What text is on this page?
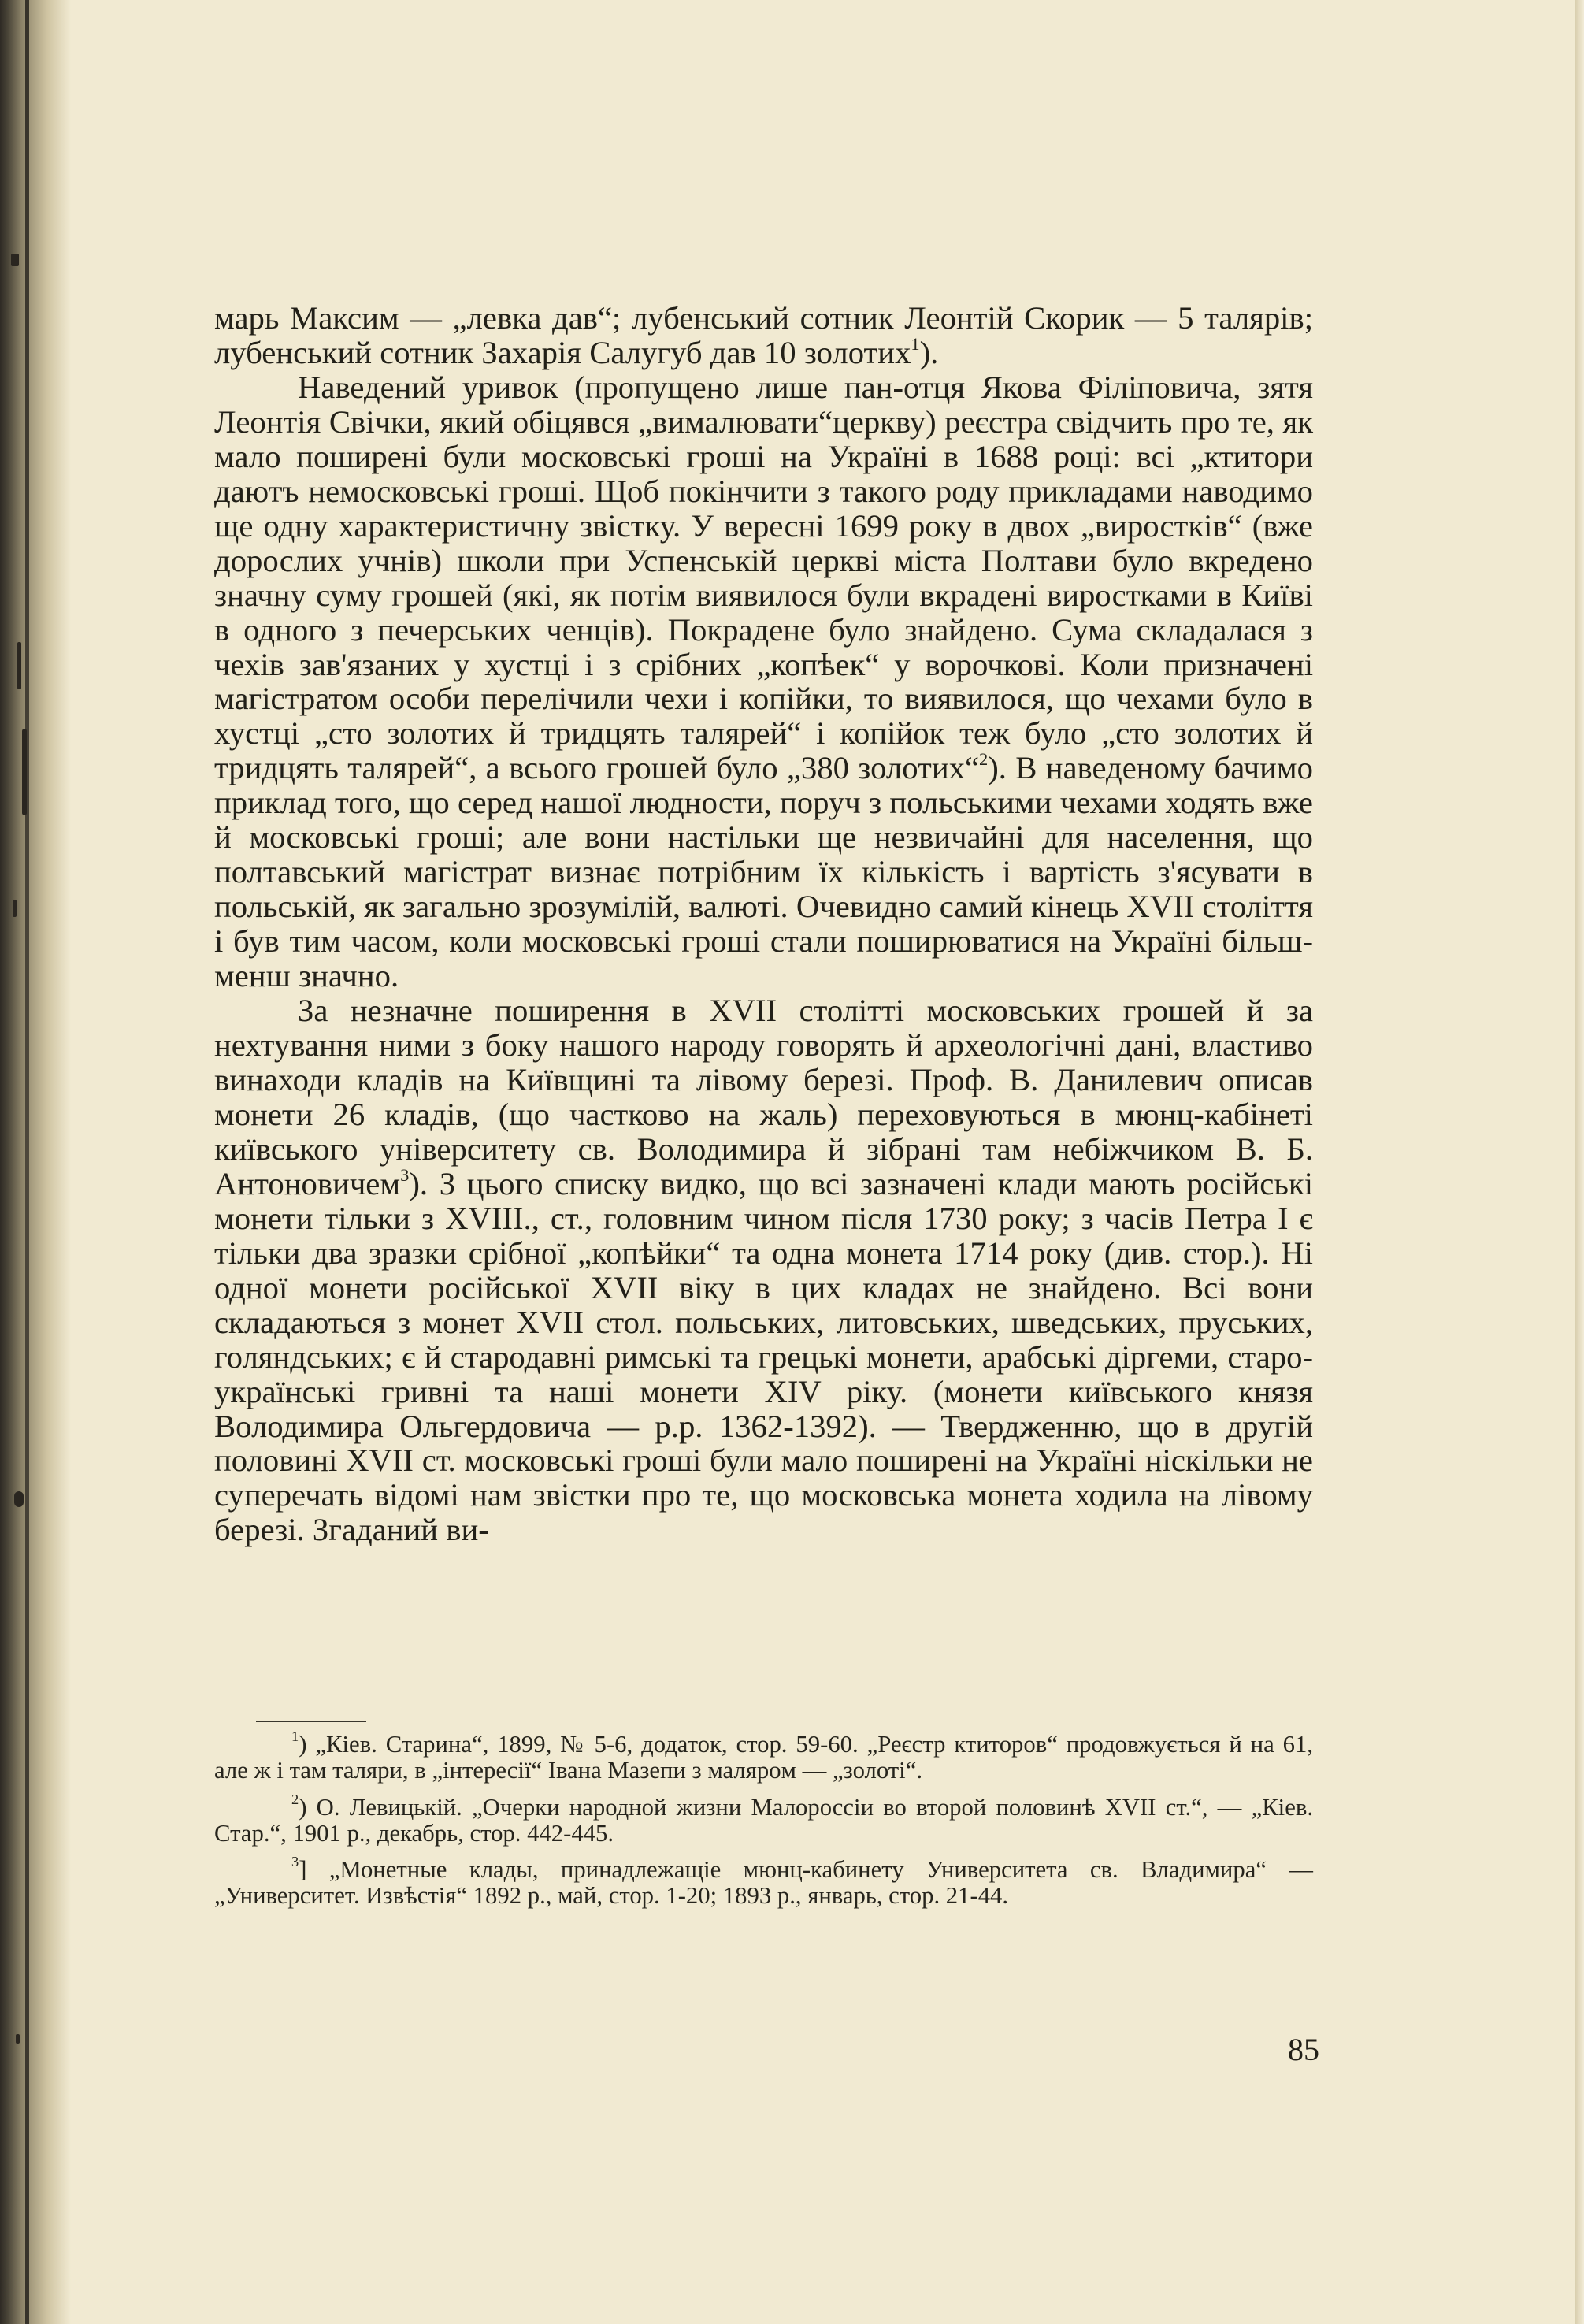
марь Максим — „левка дав“; лубенський сотник Леонтій Скорик — 5 талярів; лубенський сотник Захарія Салугуб дав 10 золотих$^1$).

Наведений уривок (пропущено лише пан-отця Якова Філіповича, зятя Леонтія Свічки, який обіцявся „вималювати“церкву) реєстра свідчить про те, як мало поширені були московські гроші на Україні в 1688 році: всі „ктитори даютъ немосковські гроші. Щоб покінчити з такого роду прикладами наводимо ще одну характеристичну звістку. У вересні 1699 року в двох „виростків“ (вже дорослих учнів) школи при Успенській церкві міста Полтави було вкредено значну суму грошей (які, як потім виявилося були вкрадені виростками в Київі в одного з печерських ченців). Покрадене було знайдено. Сума складалася з чехів зав'язаних у хустці і з срібних „копѣек“ у ворочкові. Коли призначені магістратом особи перелічили чехи і копійки, то виявилося, що чехами було в хустці „сто золотих й тридцять талярей“ і копійок теж було „сто золотих й тридцять талярей“, а всього грошей було „380 золотих“$^2$). В наведеному бачимо приклад того, що серед нашої людности, поруч з польськими чехами ходять вже й московські гроші; але вони настільки ще незвичайні для населення, що полтавський магістрат визнає потрібним їх кількість і вартість з'ясувати в польській, як загально зрозумілій, валюті. Очевидно самий кінець XVII століття і був тим часом, коли московські гроші стали поширюватися на Україні більш-менш значно.

За незначне поширення в XVII столітті московських грошей й за нехтування ними з боку нашого народу говорять й археологічні дані, властиво винаходи кладів на Київщині та лівому березі. Проф. В. Данилевич описав монети 26 кладів, (що частково на жаль) переховуються в мюнц-кабінеті київського університету св. Володимира й зібрані там небіжчиком В. Б. Антоновичем$^3$). З цього списку видко, що всі зазначені клади мають російські монети тільки з XVIII., ст., головним чином після 1730 року; з часів Петра І є тільки два зразки срібної „копѣйки“ та одна монета 1714 року (див. стор.). Ні одної монети російської XVII віку в цих кладах не знайдено. Всі вони складаються з монет XVII стол. польських, литовських, шведських, пруських, голяндських; є й стародавні римські та грецькі монети, арабські діргеми, старо-українські гривні та наші монети XIV ріку. (монети київського князя Володимира Ольгердовича — р.р. 1362-1392). — Твердженню, що в другій половині XVII ст. московські гроші були мало поширені на Україні ніскільки не суперечать відомі нам звістки про те, що московська монета ходила на лівому березі. Згаданий ви-

$^1$) „Кiев. Старина“, 1899, № 5-6, додаток, стор. 59-60. „Реєстр ктиторов“ продовжується й на 61, але ж і там таляри, в „інтересії“ Івана Мазепи з малярoм — „золоті“.

$^2$) О. Левицькій. „Очерки народной жизни Малороссіи во второй половинѣ XVII ст.“, — „Кiев. Стар.“, 1901 р., декабрь, стор. 442-445.

$^3$] „Монетные клады, принадлежащіе мюнц-кабинету Университета св. Владимира“ — „Университет. Извѣстія“ 1892 р., май, стор. 1-20; 1893 р., январь, стор. 21-44.

85
